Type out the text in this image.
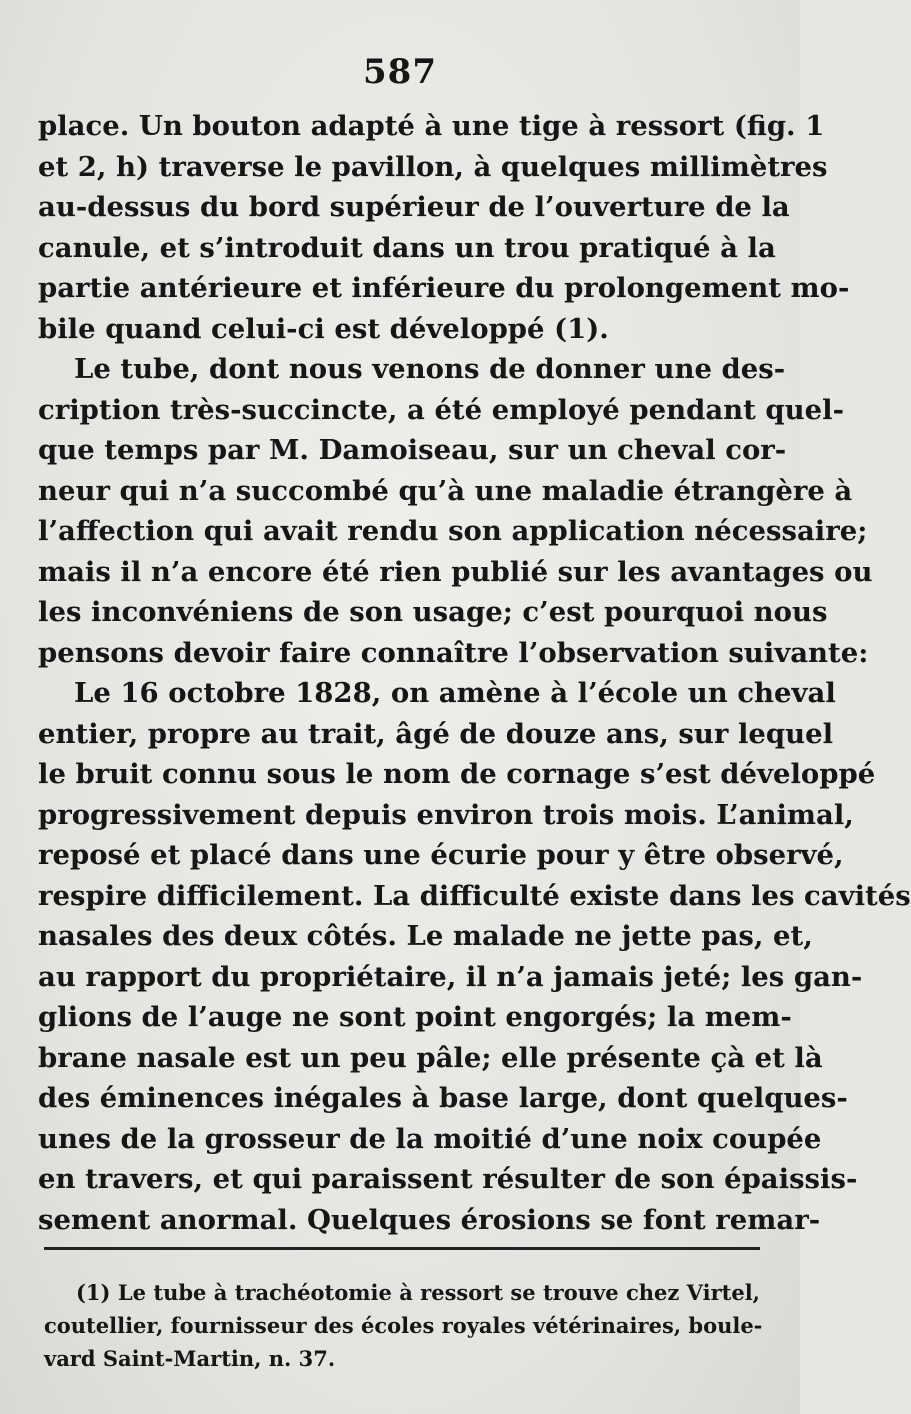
587
place. Un bouton adapté à une tige à ressort (fig. 1
et 2, h) traverse le pavillon, à quelques millimètres
au-dessus du bord supérieur de l’ouverture de la
canule, et s’introduit dans un trou pratiqué à la
partie antérieure et inférieure du prolongement mo-
bile quand celui-ci est développé (1).
Le tube, dont nous venons de donner une des-
cription très-succincte, a été employé pendant quel-
que temps par M. Damoiseau, sur un cheval cor-
neur qui n’a succombé qu’à une maladie étrangère à
l’affection qui avait rendu son application nécessaire;
mais il n’a encore été rien publié sur les avantages ou
les inconvéniens de son usage; c’est pourquoi nous
pensons devoir faire connaître l’observation suivante:
Le 16 octobre 1828, on amène à l’école un cheval
entier, propre au trait, âgé de douze ans, sur lequel
le bruit connu sous le nom de cornage s’est développé
progressivement depuis environ trois mois. L’animal,
reposé et placé dans une écurie pour y être observé,
respire difficilement. La difficulté existe dans les cavités
nasales des deux côtés. Le malade ne jette pas, et,
au rapport du propriétaire, il n’a jamais jeté; les gan-
glions de l’auge ne sont point engorgés; la mem-
brane nasale est un peu pâle; elle présente çà et là
des éminences inégales à base large, dont quelques-
unes de la grosseur de la moitié d’une noix coupée
en travers, et qui paraissent résulter de son épaissis-
sement anormal. Quelques érosions se font remar-
(1) Le tube à trachéotomie à ressort se trouve chez Virtel,
coutellier, fournisseur des écoles royales vétérinaires, boule-
vard Saint-Martin, n. 37.
